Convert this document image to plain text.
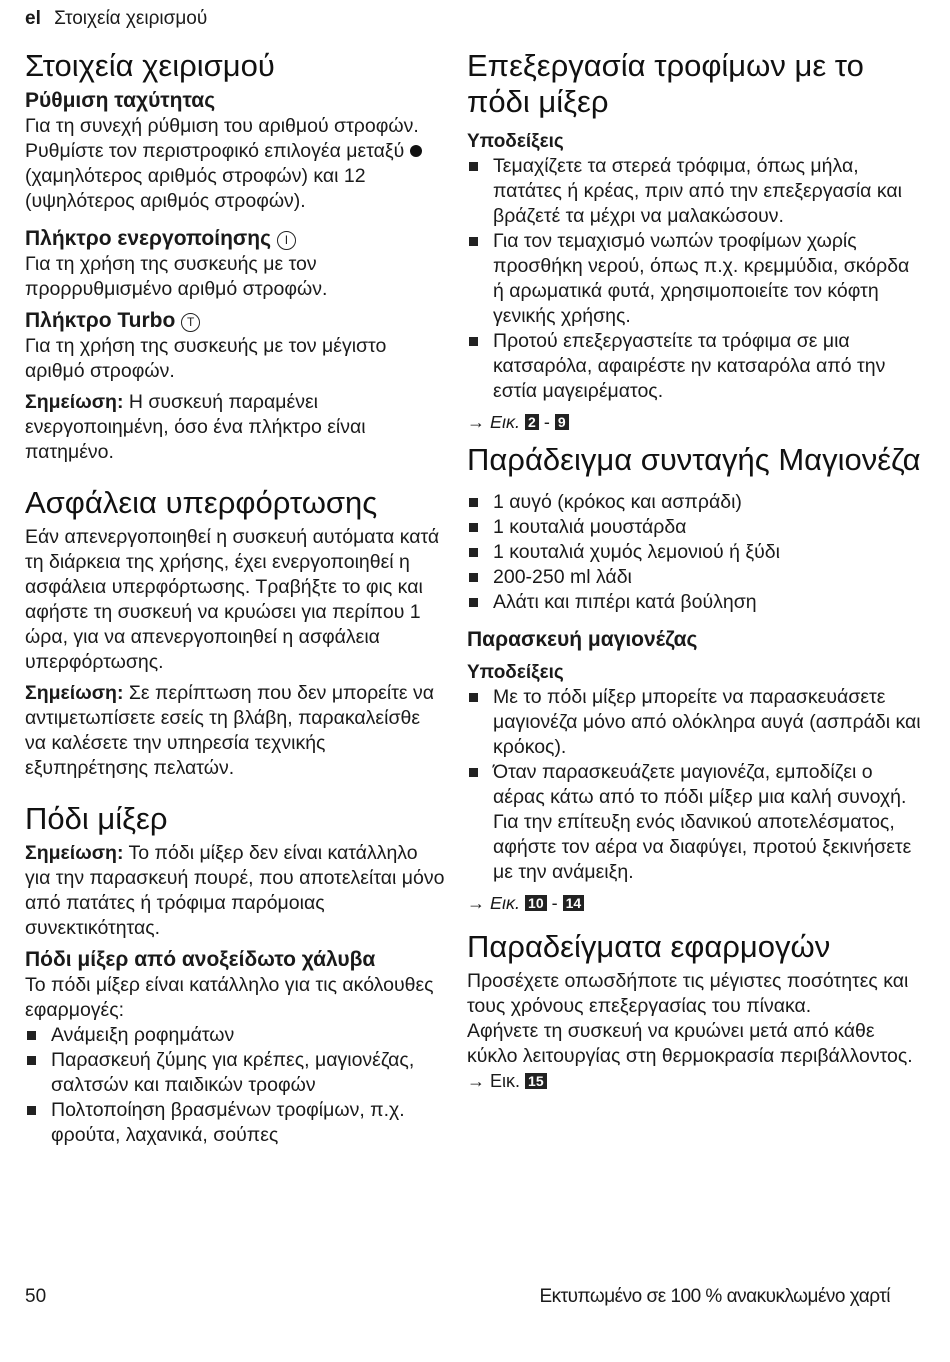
el Στοιχεία χειρισμού
Στοιχεία χειρισμού
Ρύθμιση ταχύτητας

Για τη συνεχή ρύθμιση του αριθμού στροφών. Ρυθμίστε τον περιστροφικό επιλογέα μεταξύ  (χαμηλότερος αριθμός στροφών) και 12 (υψηλότερος αριθμός στροφών).

Πλήκτρο ενεργοποίησης I

Για τη χρήση της συσκευής με τον προρρυθμισμένο αριθμό στροφών.

Πλήκτρο Turbo T

Για τη χρήση της συσκευής με τον μέγιστο αριθμό στροφών.

Σημείωση: Η συσκευή παραμένει ενεργοποιημένη, όσο ένα πλήκτρο είναι πατημένο.

Ασφάλεια υπερφόρτωσης

Εάν απενεργοποιηθεί η συσκευή αυτόματα κατά τη διάρκεια της χρήσης, έχει ενεργοποιηθεί η ασφάλεια υπερφόρτωσης. Τραβήξτε το φις και αφήστε τη συσκευή να κρυώσει για περίπου 1 ώρα, για να απενεργοποιηθεί η ασφάλεια υπερφόρτωσης.

Σημείωση: Σε περίπτωση που δεν μπορείτε να αντιμετωπίσετε εσείς τη βλάβη, παρακαλείσθε να καλέσετε την υπηρεσία τεχνικής εξυπηρέτησης πελατών.

Πόδι μίξερ

Σημείωση: Το πόδι μίξερ δεν είναι κατάλληλο για την παρασκευή πουρέ, που αποτελείται μόνο από πατάτες ή τρόφιμα παρόμοιας συνεκτικότητας.

Πόδι μίξερ από ανοξείδωτο χάλυβα

Το πόδι μίξερ είναι κατάλληλο για τις ακόλουθες εφαρμογές:

Ανάμειξη ροφημάτων
Παρασκευή ζύμης για κρέπες, μαγιονέζας, σαλτσών και παιδικών τροφών
Πολτοποίηση βρασμένων τροφίμων, π.χ. φρούτα, λαχανικά, σούπες
Επεξεργασία τροφίμων με το πόδι μίξερ
Υποδείξεις
Τεμαχίζετε τα στερεά τρόφιμα, όπως μήλα, πατάτες ή κρέας, πριν από την επεξεργασία και βράζετέ τα μέχρι να μαλακώσουν.
Για τον τεμαχισμό νωπών τροφίμων χωρίς προσθήκη νερού, όπως π.χ. κρεμμύδια, σκόρδα ή αρωματικά φυτά, χρησιμοποιείτε τον κόφτη γενικής χρήσης.
Προτού επεξεργαστείτε τα τρόφιμα σε μια κατσαρόλα, αφαιρέστε ην κατσαρόλα από την εστία μαγειρέματος.

→ Εικ. 2 - 9

Παράδειγμα συνταγής Μαγιονέζα
1 αυγό (κρόκος και ασπράδι)
1 κουταλιά μουστάρδα
1 κουταλιά χυμός λεμονιού ή ξύδι
200-250 ml λάδι
Αλάτι και πιπέρι κατά βούληση
Παρασκευή μαγιονέζας
Υποδείξεις
Με το πόδι μίξερ μπορείτε να παρασκευάσετε μαγιονέζα μόνο από ολόκληρα αυγά (ασπράδι και κρόκος).
Όταν παρασκευάζετε μαγιονέζα, εμποδίζει ο αέρας κάτω από το πόδι μίξερ μια καλή συνοχή. Για την επίτευξη ενός ιδανικού αποτελέσματος, αφήστε τον αέρα να διαφύγει, προτού ξεκινήσετε με την ανάμειξη.

→ Εικ. 10 - 14

Παραδείγματα εφαρμογών

Προσέχετε οπωσδήποτε τις μέγιστες ποσότητες και τους χρόνους επεξεργασίας του πίνακα.

Αφήνετε τη συσκευή να κρυώνει μετά από κάθε κύκλο λειτουργίας στη θερμοκρασία περιβάλλοντος.

→ Εικ. 15

50	Εκτυπωμένο σε 100 % ανακυκλωμένο χαρτί
